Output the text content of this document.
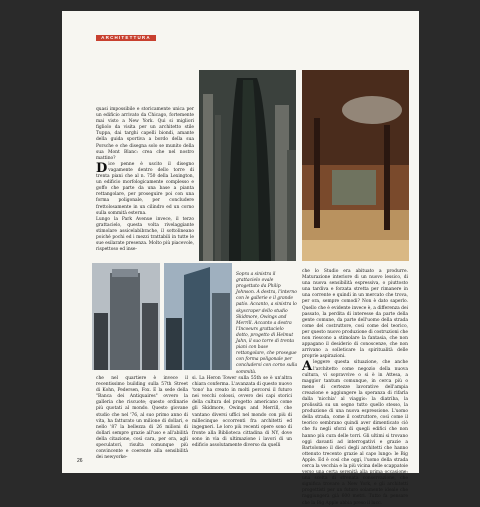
ARCHITETTURA
Sopra a sinistra il grattacielo ovale progettato da Philip Johnson. A destra, l'interno con le gallerie e il grande patio. Accanto, a sinistra lo skyscraper dello studio Skidmore, Owings and Merrill. Accanto a destra l'Incoeurs grattacielo dotto, progetto di Helmut Jahn, il suo torre di trenta piani con base rettangolare, che prosegue con forma poligonale per concludersi con corno sulla sommità.

quasi impossibile e storicamente unica per un edificio arrivato da Chicago, fortemente mai visto a New York. Qui si migliori figliolo da visita per un architetto stile Tuppa, dai targhi capelli biondi, amante della guida sportiva a bordo della sua Porsche e che disegna solo se munito della sua Mont Blanc: crea che nel nostro mattino?

Dice penne è uscito il disegno vagamente dentro dello torre di trenta piani che al n. 750 della Lexington, un edificio morfologicamente complesso e goffo che parte da una base a pianta rettangolare, per proseguire poi con una forma poligonale, per concludere frettolosamente in un cilindro ed un corno sulla sommità esterna.

Lungo la Park Avenue invece, il terzo grattacielo, questa volta rivelaggiante stimolare assicelabibrache, il sottolineano poiché pochi ed i mezzi trattabili in tutte le sue esilarate presenza. Molto più piacevole, rispettoso ed inse-

che nel quartiere è invece il recentissimo building sulla 57th Street di Kohn, Pedersen, Fox. E la sede della "Banca dei Antiquaires" ovvero la galleria che riscuote; questo ordinarie più quotati al mondo. Questo giovane studio che nel '76, al suo primo anno di vita, ha fatturato un milione di dollari, e nello '87 la bellezza di 26 milioni di dollari sempre grazie all'uso e all'abilità della citazione, così cara, per ora, agli speculatori, risulta comunque più convincente e coerente alla sensibilità dei newyorke-
si. La Heron Tower sulla 55th se è un'altra chiara conferma. L'avanzata di questo nuovo 'tono' ha creato in molti percorsi il futuro nei vecchi colossi, ovvero dei capi storici della cultura del progetto americano come gli Skidmore, Owings and Merrill, che vantano diversi uffici nel mondo con più di millecinque occorrenti fra architetti ed ingegneri. Le loro più recenti opere sono di fronte alla Biblioteca cittadina di NY, dove sono in via di ultimazione i lavori di un edificio assolutamente diverso da quelli

che lo Studio era abituato a produrre. Maturazione interiore di un nuovo lessico, di una nuova sensibilità espressiva, o piuttosto una tardiva e forzata stretta per rimanere in una corrente e quindi in un mercato che trova, per ora, sempre comodi? Non è dato saperlo. Quello che è evidente invece è, a differenza dei passato, la perdita di interesse da parte della gente comune, da parte dell'uomo della strada come del costruttore, così come del teorico, per questo nuovo produzione di costruzioni che non riescono a stimolare la fantasia, che non appagano il desiderio di conoscenze, che non arrivano a solleticare la spiritualità delle proprie aspirazioni.

Aleggere questa situazione, che anche l'architetto come negozio della nuova cultura, vi sopravvive o si è in Attesa, a maggior tantum comunque, in cerca più o meno di certezze lavorative dell'ampia creazione e aggiungere la speranza di rifarla dalla 'nicchia' al viaggio: la diatriba, la prolissità su un segno tutto quello stesso, la produzione di una nuova espressione. L'uomo della strada, come il costruttore, così come il teorico sembrano quindi aver dimenticato ciò che fu negli sforzi di quegli edifici che non hanno più cura delle torri. Gli ultimi si trovano oggi davanti ad interrogativi e grazie a Bartolomeo il dieci degli architetti che hanno ottenuto trecento grazie al capo lungo: le Big Apple. Ed è così che oggi, l'uomo della strada cerca la vecchia e la più vicina delle scappatoie verso una certa serenità alla prima occasione: una scelta di sfrenata conservazione, che significa trovare a New York, e gli architetti progettisti per un futuro solamente ideale che raggiungerà già 600 metri. Tutto fa pensare che la Big Apple abbia preso il lucc.

26
